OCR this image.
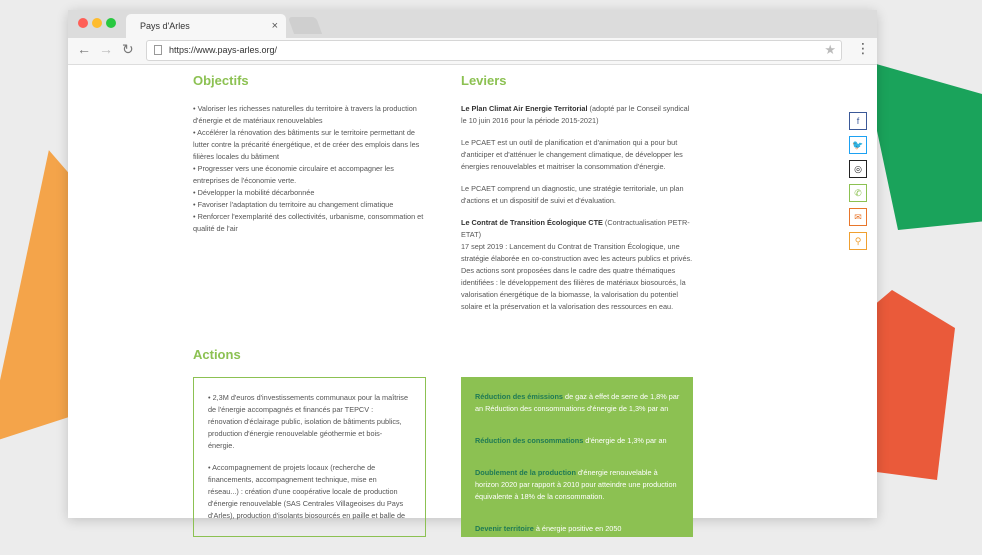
Pays d'Arles	×
← → ↻	https://www.pays-arles.org/	★ ⋮
Objectifs

• Valoriser les richesses naturelles du territoire à travers la production d'énergie et de matériaux renouvelables

• Accélérer la rénovation des bâtiments sur le territoire permettant de lutter contre la précarité énergétique, et de créer des emplois dans les filières locales du bâtiment

• Progresser vers une économie circulaire et accompagner les entreprises de l'économie verte.

• Développer la mobilité décarbonnée

• Favoriser l'adaptation du territoire au changement climatique

• Renforcer l'exemplarité des collectivités, urbanisme, consommation et qualité de l'air

Leviers

Le Plan Climat Air Energie Territorial (adopté par le Conseil syndical le 10 juin 2016 pour la période 2015-2021)

Le PCAET est un outil de planification et d'animation qui a pour but d'anticiper et d'atténuer le changement climatique, de développer les énergies renouvelables et maitriser la consommation d'énergie.

Le PCAET comprend un diagnostic, une stratégie territoriale, un plan d'actions et un dispositif de suivi et d'évaluation.

Le Contrat de Transition Écologique CTE (Contractualisation PETR-ETAT)

17 sept 2019 : Lancement du Contrat de Transition Écologique, une stratégie élaborée en co-construction avec les acteurs publics et privés.

Des actions sont proposées dans le cadre des quatre thématiques identifiées : le développement des filières de matériaux biosourcés, la valorisation énergétique de la biomasse, la valorisation du potentiel solaire et la préservation et la valorisation des ressources en eau.

Actions

• 2,3M d'euros d'investissements communaux pour la maîtrise de l'énergie accompagnés et financés par TEPCV : rénovation d'éclairage public, isolation de bâtiments publics, production d'énergie renouvelable géothermie et bois-énergie.

• Accompagnement de projets locaux (recherche de financements, accompagnement technique, mise en réseau...) : création d'une coopérative locale de production d'énergie renouvelable (SAS Centrales Villageoises du Pays d'Arles), production d'isolants biosourcés en paille et balle de

Réduction des émissions de gaz à effet de serre de 1,8% par an Réduction des consommations d'énergie de 1,3% par an

Réduction des consommations d'énergie de 1,3% par an

Doublement de la production d'énergie renouvelable à horizon 2020 par rapport à 2010 pour atteindre une production équivalente à 18% de la consommation.

Devenir territoire à énergie positive en 2050

f
🐦
◎
✆
✉
⚲
